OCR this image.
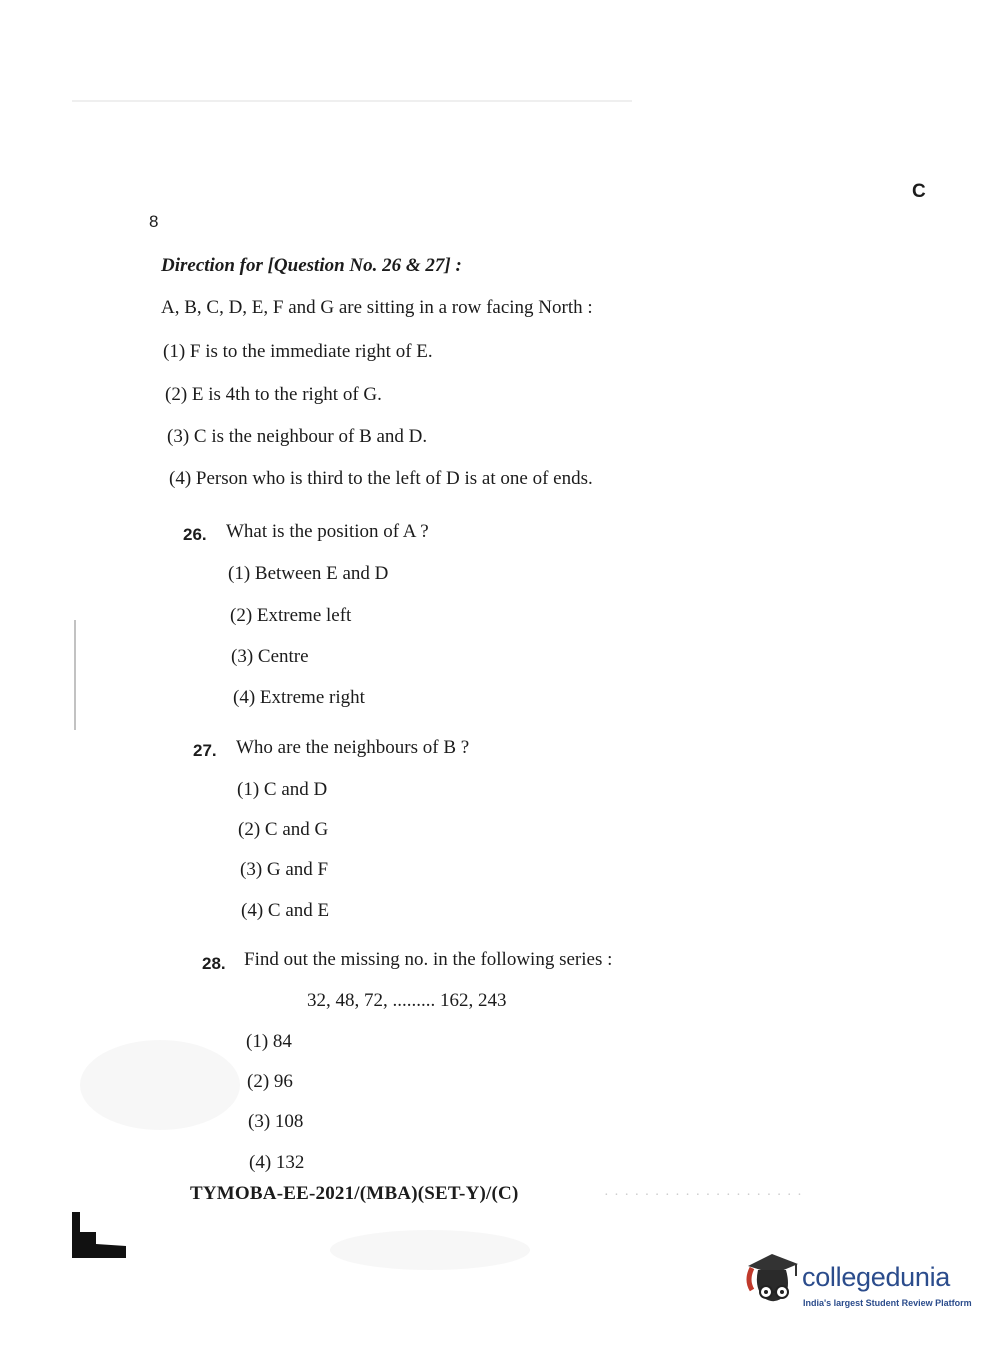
· · · · · · · · · · · · · · · · · · · ·
8
C
Direction for [Question No. 26 & 27] :
A, B, C, D, E, F and G are sitting in a row facing North :
(1) F is to the immediate right of E.
(2) E is 4th to the right of G.
(3) C is the neighbour of B and D.
(4) Person who is third to the left of D is at one of ends.
26. What is the position of A ?
(1) Between E and D
(2) Extreme left
(3) Centre
(4) Extreme right
27. Who are the neighbours of B ?
(1) C and D
(2) C and G
(3) G and F
(4) C and E
28. Find out the missing no. in the following series :
32, 48, 72, ......... 162, 243
(1) 84
(2) 96
(3) 108
(4) 132
TYMOBA-EE-2021/(MBA)(SET-Y)/(C)
collegedunia
India's largest Student Review Platform
